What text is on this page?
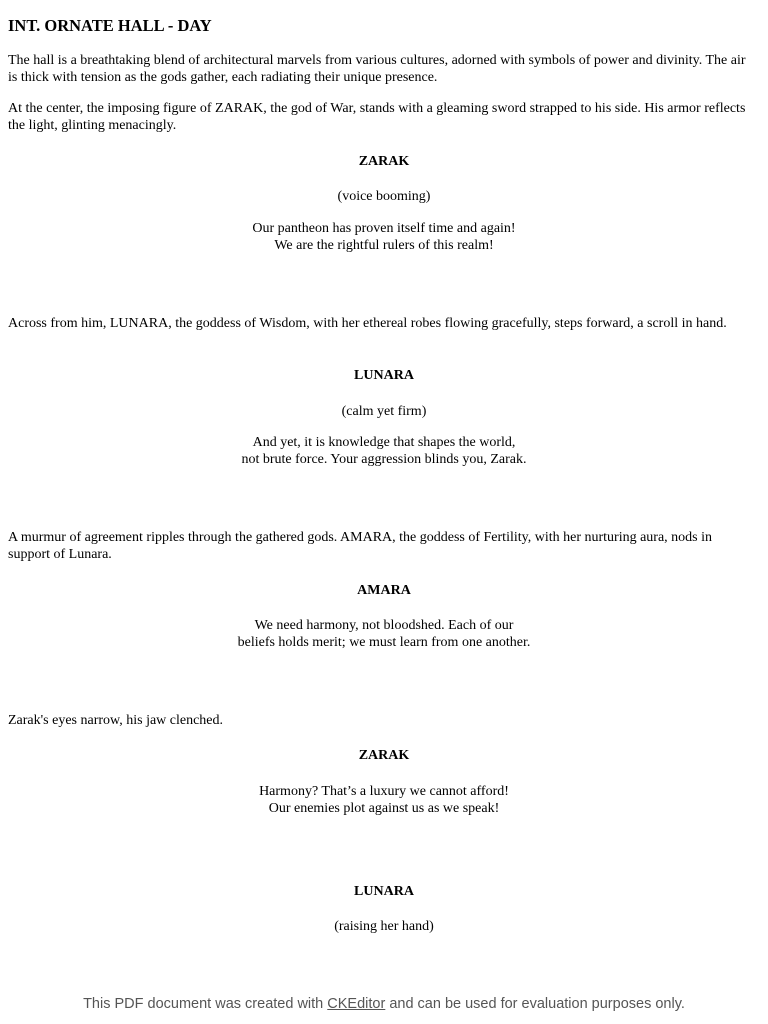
INT. ORNATE HALL - DAY

The hall is a breathtaking blend of architectural marvels from various cultures, adorned with symbols of power and divinity. The air is thick with tension as the gods gather, each radiating their unique presence.

At the center, the imposing figure of ZARAK, the god of War, stands with a gleaming sword strapped to his side. His armor reflects the light, glinting menacingly.

ZARAK

(voice booming)

Our pantheon has proven itself time and again!

We are the rightful rulers of this realm!

Across from him, LUNARA, the goddess of Wisdom, with her ethereal robes flowing gracefully, steps forward, a scroll in hand.

LUNARA

(calm yet firm)

And yet, it is knowledge that shapes the world,

not brute force. Your aggression blinds you, Zarak.

A murmur of agreement ripples through the gathered gods. AMARA, the goddess of Fertility, with her nurturing aura, nods in support of Lunara.

AMARA

We need harmony, not bloodshed. Each of our

beliefs holds merit; we must learn from one another.

Zarak's eyes narrow, his jaw clenched.

ZARAK

Harmony? That’s a luxury we cannot afford!

Our enemies plot against us as we speak!

LUNARA

(raising her hand)

This PDF document was created with CKEditor and can be used for evaluation purposes only.
